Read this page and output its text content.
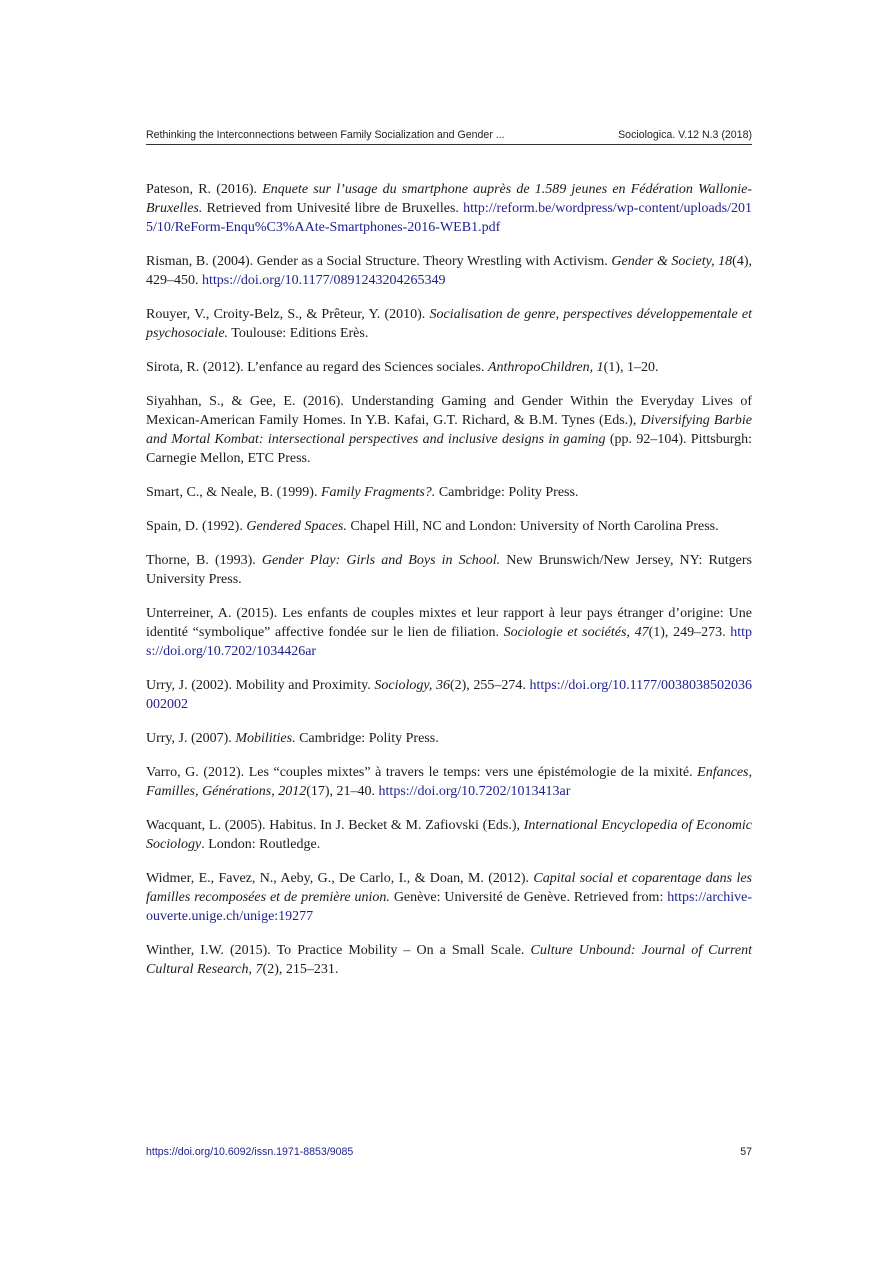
Rethinking the Interconnections between Family Socialization and Gender ...	Sociologica. V.12 N.3 (2018)

Pateson, R. (2016). Enquete sur l’usage du smartphone auprès de 1.589 jeunes en Fédération Wallonie-Bruxelles. Retrieved from Univesité libre de Bruxelles. http://reform.be/wordpress/wp-content/uploads/2015/10/ReForm-Enqu%C3%AAte-Smartphones-2016-WEB1.pdf

Risman, B. (2004). Gender as a Social Structure. Theory Wrestling with Activism. Gender & Society, 18(4), 429–450. https://doi.org/10.1177/0891243204265349

Rouyer, V., Croity-Belz, S., & Prêteur, Y. (2010). Socialisation de genre, perspectives développementale et psychosociale. Toulouse: Editions Erès.

Sirota, R. (2012). L’enfance au regard des Sciences sociales. AnthropoChildren, 1(1), 1–20.

Siyahhan, S., & Gee, E. (2016). Understanding Gaming and Gender Within the Everyday Lives of Mexican-American Family Homes. In Y.B. Kafai, G.T. Richard, & B.M. Tynes (Eds.), Diversifying Barbie and Mortal Kombat: intersectional perspectives and inclusive designs in gaming (pp. 92–104). Pittsburgh: Carnegie Mellon, ETC Press.

Smart, C., & Neale, B. (1999). Family Fragments?. Cambridge: Polity Press.

Spain, D. (1992). Gendered Spaces. Chapel Hill, NC and London: University of North Carolina Press.

Thorne, B. (1993). Gender Play: Girls and Boys in School. New Brunswich/New Jersey, NY: Rutgers University Press.

Unterreiner, A. (2015). Les enfants de couples mixtes et leur rapport à leur pays étranger d’origine: Une identité “symbolique” affective fondée sur le lien de filiation. Sociologie et sociétés, 47(1), 249–273. https://doi.org/10.7202/1034426ar

Urry, J. (2002). Mobility and Proximity. Sociology, 36(2), 255–274. https://doi.org/10.1177/0038038502036002002

Urry, J. (2007). Mobilities. Cambridge: Polity Press.

Varro, G. (2012). Les “couples mixtes” à travers le temps: vers une épistémologie de la mixité. Enfances, Familles, Générations, 2012(17), 21–40. https://doi.org/10.7202/1013413ar

Wacquant, L. (2005). Habitus. In J. Becket & M. Zafiovski (Eds.), International Encyclopedia of Economic Sociology. London: Routledge.

Widmer, E., Favez, N., Aeby, G., De Carlo, I., & Doan, M. (2012). Capital social et coparentage dans les familles recomposées et de première union. Genève: Université de Genève. Retrieved from: https://archive-ouverte.unige.ch/unige:19277

Winther, I.W. (2015). To Practice Mobility – On a Small Scale. Culture Unbound: Journal of Current Cultural Research, 7(2), 215–231.

https://doi.org/10.6092/issn.1971-8853/9085	57
